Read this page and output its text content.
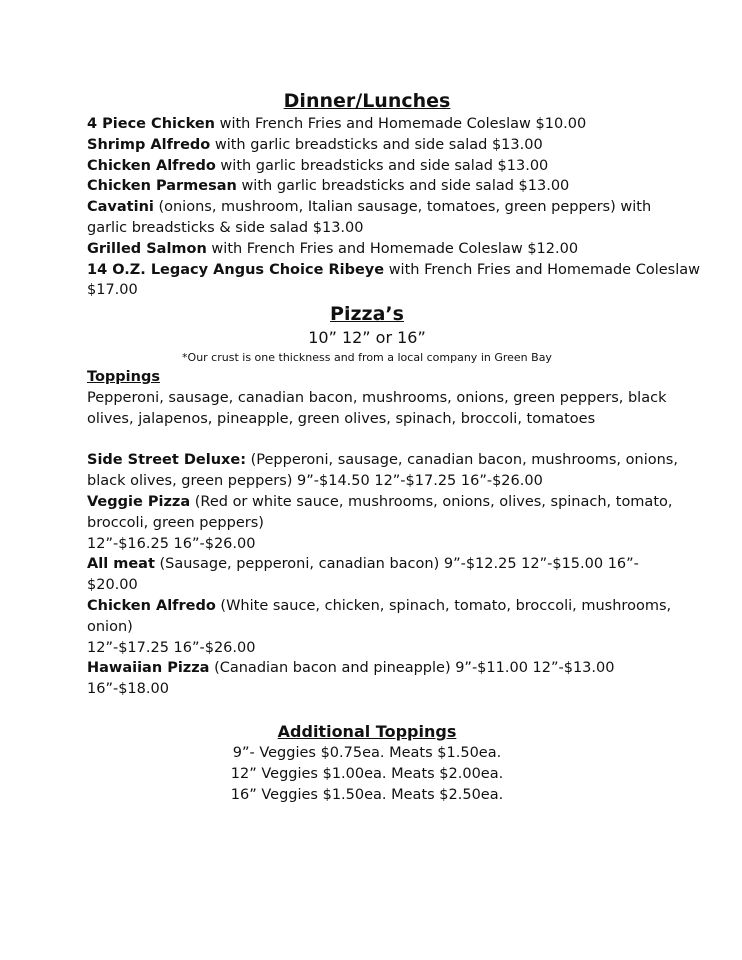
Dinner/Lunches
4 Piece Chicken with French Fries and Homemade Coleslaw $10.00
Shrimp Alfredo with garlic breadsticks and side salad $13.00
Chicken Alfredo with garlic breadsticks and side salad $13.00
Chicken Parmesan with garlic breadsticks and side salad $13.00
Cavatini (onions, mushroom, Italian sausage, tomatoes, green peppers) with
garlic breadsticks & side salad $13.00
Grilled Salmon with French Fries and Homemade Coleslaw $12.00
14 O.Z. Legacy Angus Choice Ribeye with French Fries and Homemade Coleslaw
$17.00
Pizza’s
10” 12” or 16”
*Our crust is one thickness and from a local company in Green Bay
Toppings
Pepperoni, sausage, canadian bacon, mushrooms, onions, green peppers, black
olives, jalapenos, pineapple, green olives, spinach, broccoli, tomatoes
Side Street Deluxe: (Pepperoni, sausage, canadian bacon, mushrooms, onions,
black olives, green peppers) 9”-$14.50 12”-$17.25 16”-$26.00
Veggie Pizza (Red or white sauce, mushrooms, onions, olives, spinach, tomato,
broccoli, green peppers)
12”-$16.25 16”-$26.00
All meat (Sausage, pepperoni, canadian bacon) 9”-$12.25 12”-$15.00 16”-
$20.00
Chicken Alfredo (White sauce, chicken, spinach, tomato, broccoli, mushrooms,
onion)
12”-$17.25 16”-$26.00
Hawaiian Pizza (Canadian bacon and pineapple) 9”-$11.00 12”-$13.00
16”-$18.00
Additional Toppings
9”- Veggies $0.75ea. Meats $1.50ea.
12” Veggies $1.00ea. Meats $2.00ea.
16” Veggies $1.50ea. Meats $2.50ea.
